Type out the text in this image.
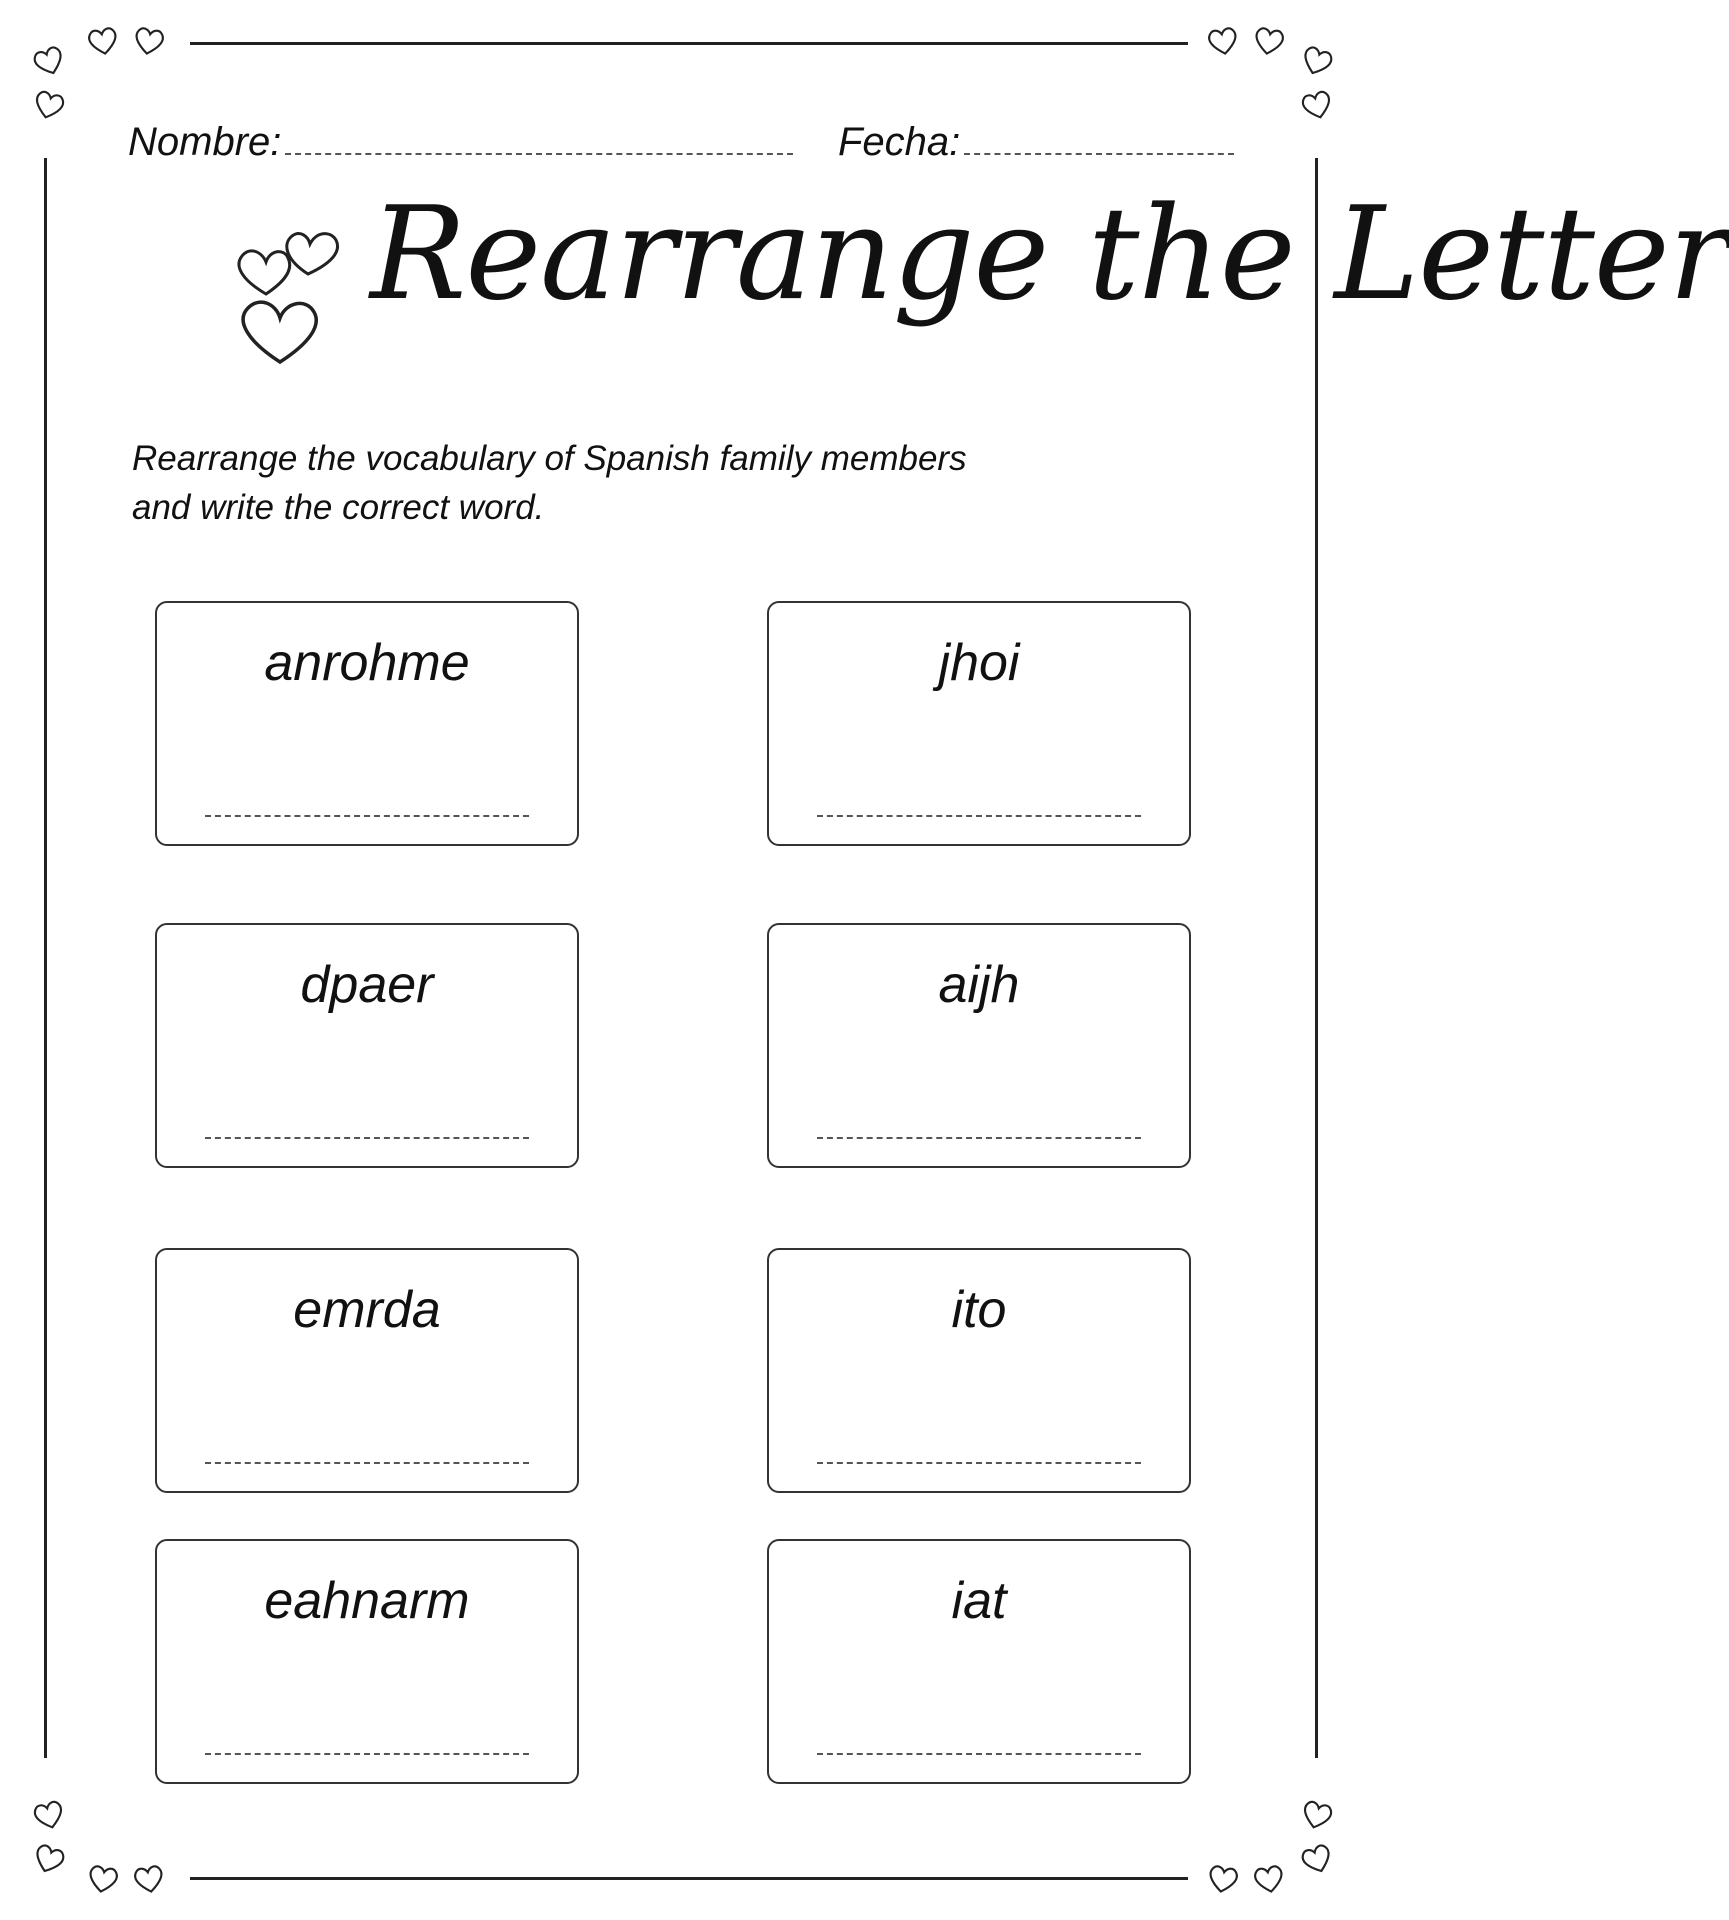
Nombre:	Fecha:
Rearrange the Letter
Rearrange the vocabulary of Spanish family members
and write the correct word.
anrohme	jhoi
dpaer	aijh
emrda	ito
eahnarm	iat
